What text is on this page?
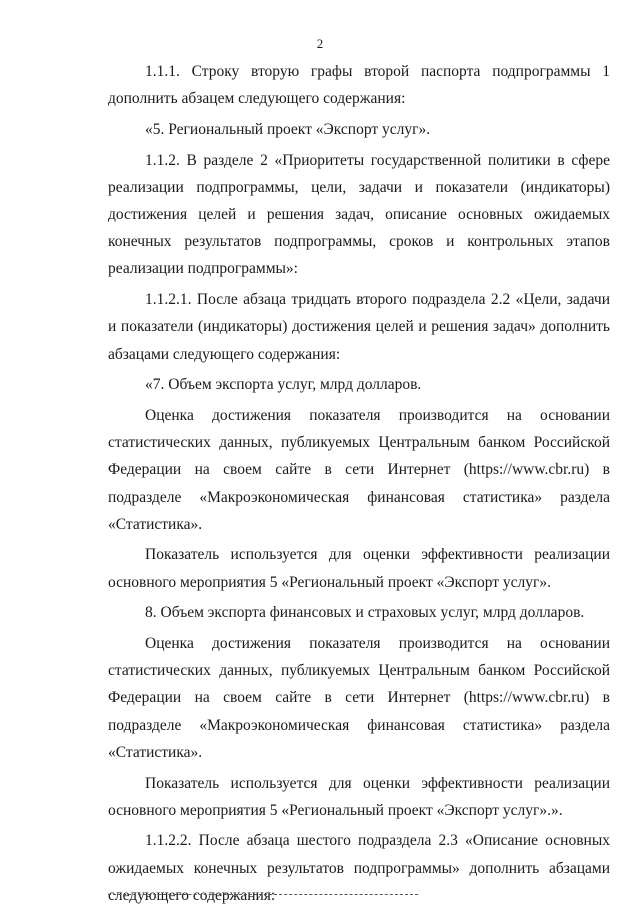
2

1.1.1. Строку вторую графы второй паспорта подпрограммы 1 дополнить абзацем следующего содержания:

«5. Региональный проект «Экспорт услуг».

1.1.2. В разделе 2 «Приоритеты государственной политики в сфере реализации подпрограммы, цели, задачи и показатели (индикаторы) достижения целей и решения задач, описание основных ожидаемых конечных результатов подпрограммы, сроков и контрольных этапов реализации подпрограммы»:

1.1.2.1. После абзаца тридцать второго подраздела 2.2 «Цели, задачи и показатели (индикаторы) достижения целей и решения задач» дополнить абзацами следующего содержания:

«7. Объем экспорта услуг, млрд долларов.

Оценка достижения показателя производится на основании статистических данных, публикуемых Центральным банком Российской Федерации на своем сайте в сети Интернет (https://www.cbr.ru) в подразделе «Макроэкономическая финансовая статистика» раздела «Статистика».

Показатель используется для оценки эффективности реализации основного мероприятия 5 «Региональный проект «Экспорт услуг».

8. Объем экспорта финансовых и страховых услуг, млрд долларов.

Оценка достижения показателя производится на основании статистических данных, публикуемых Центральным банком Российской Федерации на своем сайте в сети Интернет (https://www.cbr.ru) в подразделе «Макроэкономическая финансовая статистика» раздела «Статистика».

Показатель используется для оценки эффективности реализации основного мероприятия 5 «Региональный проект «Экспорт услуг».».

1.1.2.2. После абзаца шестого подраздела 2.3 «Описание основных ожидаемых конечных результатов подпрограммы» дополнить абзацами следующего содержания:
